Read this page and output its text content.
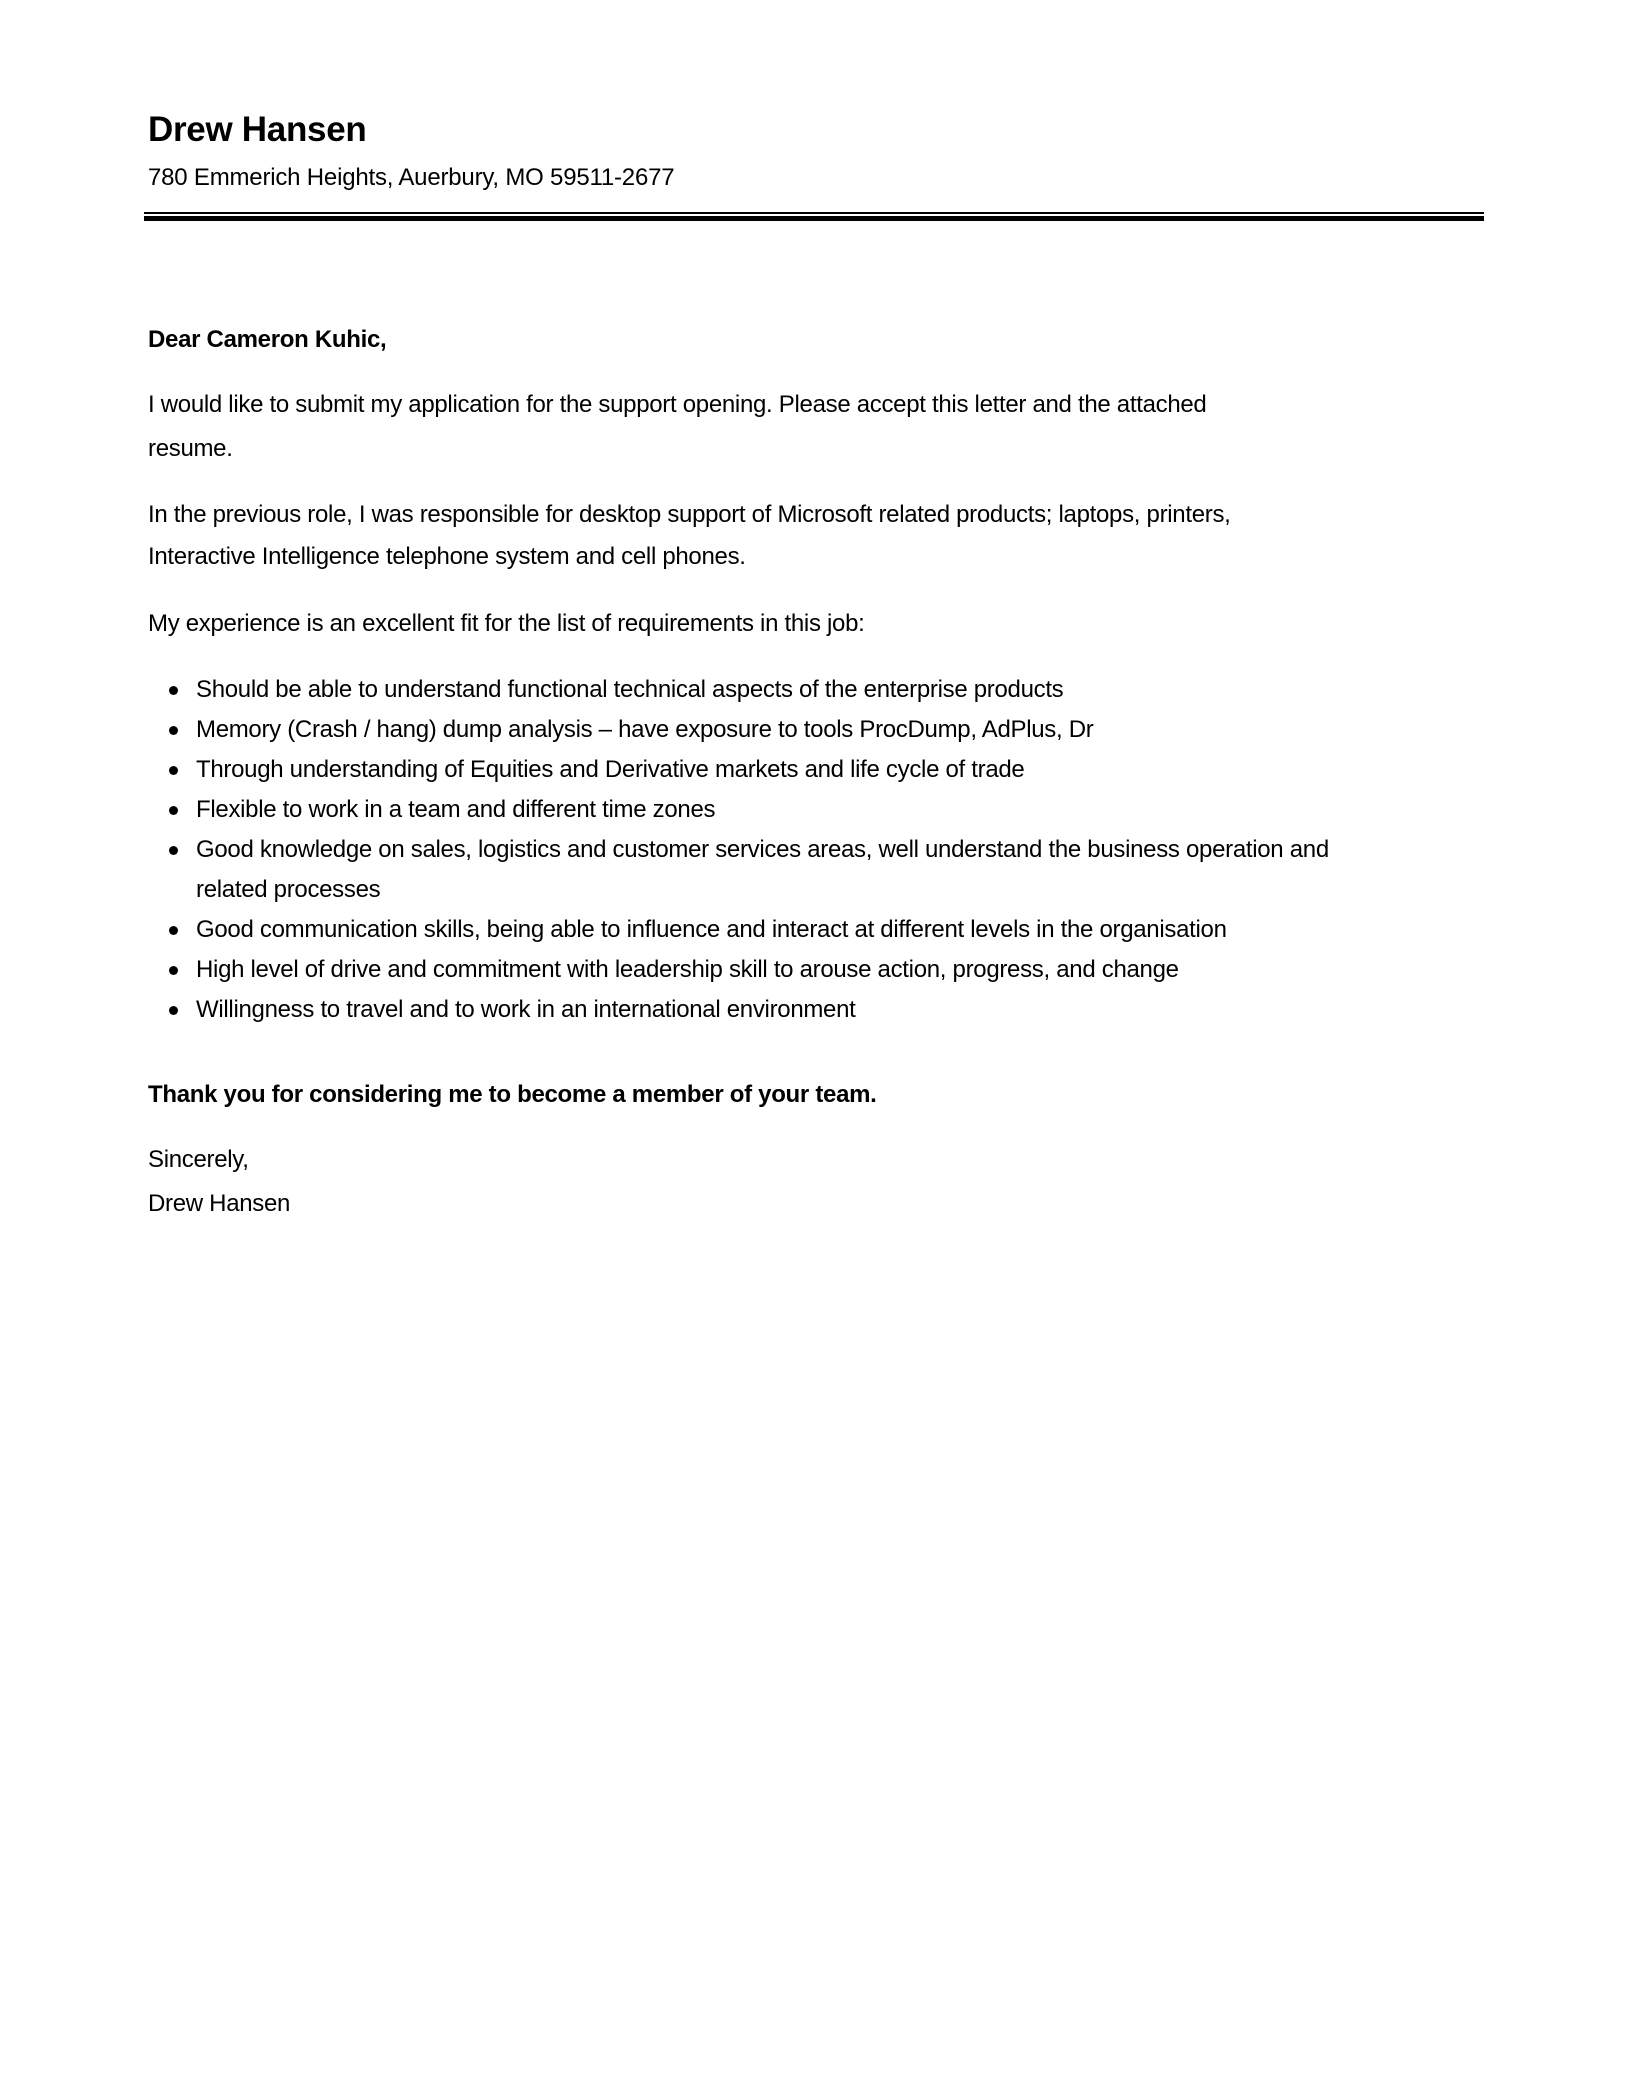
Drew Hansen
780 Emmerich Heights, Auerbury, MO 59511-2677
Dear Cameron Kuhic,
I would like to submit my application for the support opening. Please accept this letter and the attached
resume.
In the previous role, I was responsible for desktop support of Microsoft related products; laptops, printers,
Interactive Intelligence telephone system and cell phones.
My experience is an excellent fit for the list of requirements in this job:
Should be able to understand functional technical aspects of the enterprise products
Memory (Crash / hang) dump analysis – have exposure to tools ProcDump, AdPlus, Dr
Through understanding of Equities and Derivative markets and life cycle of trade
Flexible to work in a team and different time zones
Good knowledge on sales, logistics and customer services areas, well understand the business operation and related processes
Good communication skills, being able to influence and interact at different levels in the organisation
High level of drive and commitment with leadership skill to arouse action, progress, and change
Willingness to travel and to work in an international environment
Thank you for considering me to become a member of your team.
Sincerely,
Drew Hansen
